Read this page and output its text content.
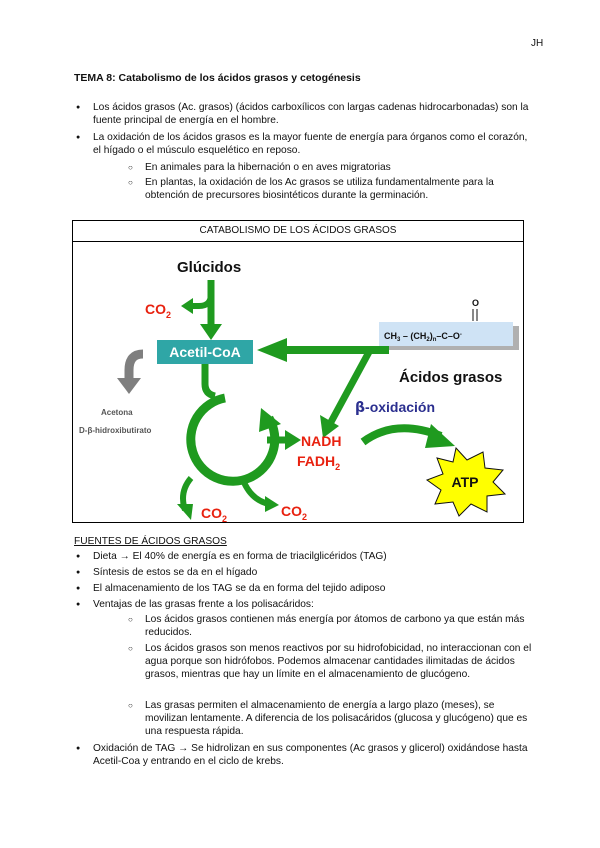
JH
TEMA 8: Catabolismo de los ácidos grasos y cetogénesis
● Los ácidos grasos (Ac. grasos) (ácidos carboxílicos con largas cadenas hidrocarbonadas) son la fuente principal de energía en el hombre.
● La oxidación de los ácidos grasos es la mayor fuente de energía para órganos como el corazón, el hígado o el músculo esquelético en reposo.
○ En animales para la hibernación o en aves migratorias
○ En plantas, la oxidación de los Ac grasos se utiliza fundamentalmente para la obtención de precursores biosintéticos durante la germinación.
CATABOLISMO DE LOS ÁCIDOS GRASOS
Glúcidos
$CO_2$
Acetil-CoA
Acetona
D-β-hidroxibutirato
O
$CH_3 - (CH_2)_n-C-O^-$
Ácidos grasos
β-oxidación
$CO_2$	$CO_2$
NADH
$FADH_2$
ATP
FUENTES DE ÁCIDOS GRASOS
● Dieta → El 40% de energía es en forma de triacilglicéridos (TAG)
● Síntesis de estos se da en el hígado
● El almacenamiento de los TAG se da en forma del tejido adiposo
● Ventajas de las grasas frente a los polisacáridos:
○ Los ácidos grasos contienen más energía por átomos de carbono ya que están más reducidos.
○ Los ácidos grasos son menos reactivos por su hidrofobicidad, no interaccionan con el agua porque son hidrófobos. Podemos almacenar cantidades ilimitadas de ácidos grasos, mientras que hay un límite en el almacenamiento de glucógeno.
○ Las grasas permiten el almacenamiento de energía a largo plazo (meses), se movilizan lentamente. A diferencia de los polisacáridos (glucosa y glucógeno) que es una respuesta rápida.
● Oxidación de TAG → Se hidrolizan en sus componentes (Ac grasos y glicerol) oxidándose hasta Acetil-Coa y entrando en el ciclo de krebs.
